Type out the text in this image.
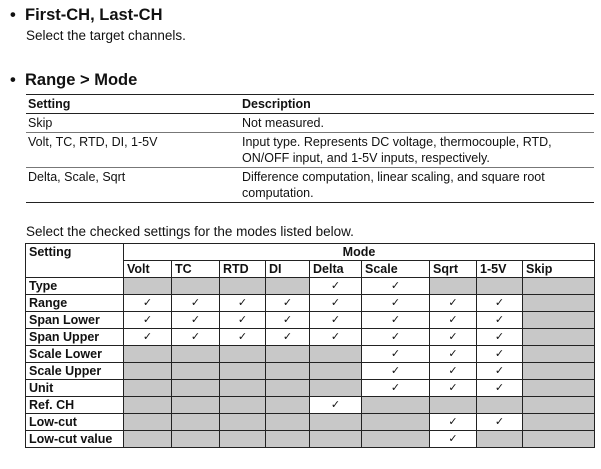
• First-CH, Last-CH
Select the target channels.
• Range > Mode
Setting	Description
Skip	Not measured.
Volt, TC, RTD, DI, 1-5V	Input type. Represents DC voltage, thermocouple, RTD, ON/OFF input, and 1-5V inputs, respectively.
Delta, Scale, Sqrt	Difference computation, linear scaling, and square root computation.
Select the checked settings for the modes listed below.
Setting	Mode								
	Volt	TC	RTD	DI	Delta	Scale	Sqrt	1-5V	Skip
Type					✓	✓			
Range	✓	✓	✓	✓	✓	✓	✓	✓	
Span Lower	✓	✓	✓	✓	✓	✓	✓	✓	
Span Upper	✓	✓	✓	✓	✓	✓	✓	✓	
Scale Lower						✓	✓	✓	
Scale Upper						✓	✓	✓	
Unit						✓	✓	✓	
Ref. CH					✓				
Low-cut							✓	✓	
Low-cut value							✓		
